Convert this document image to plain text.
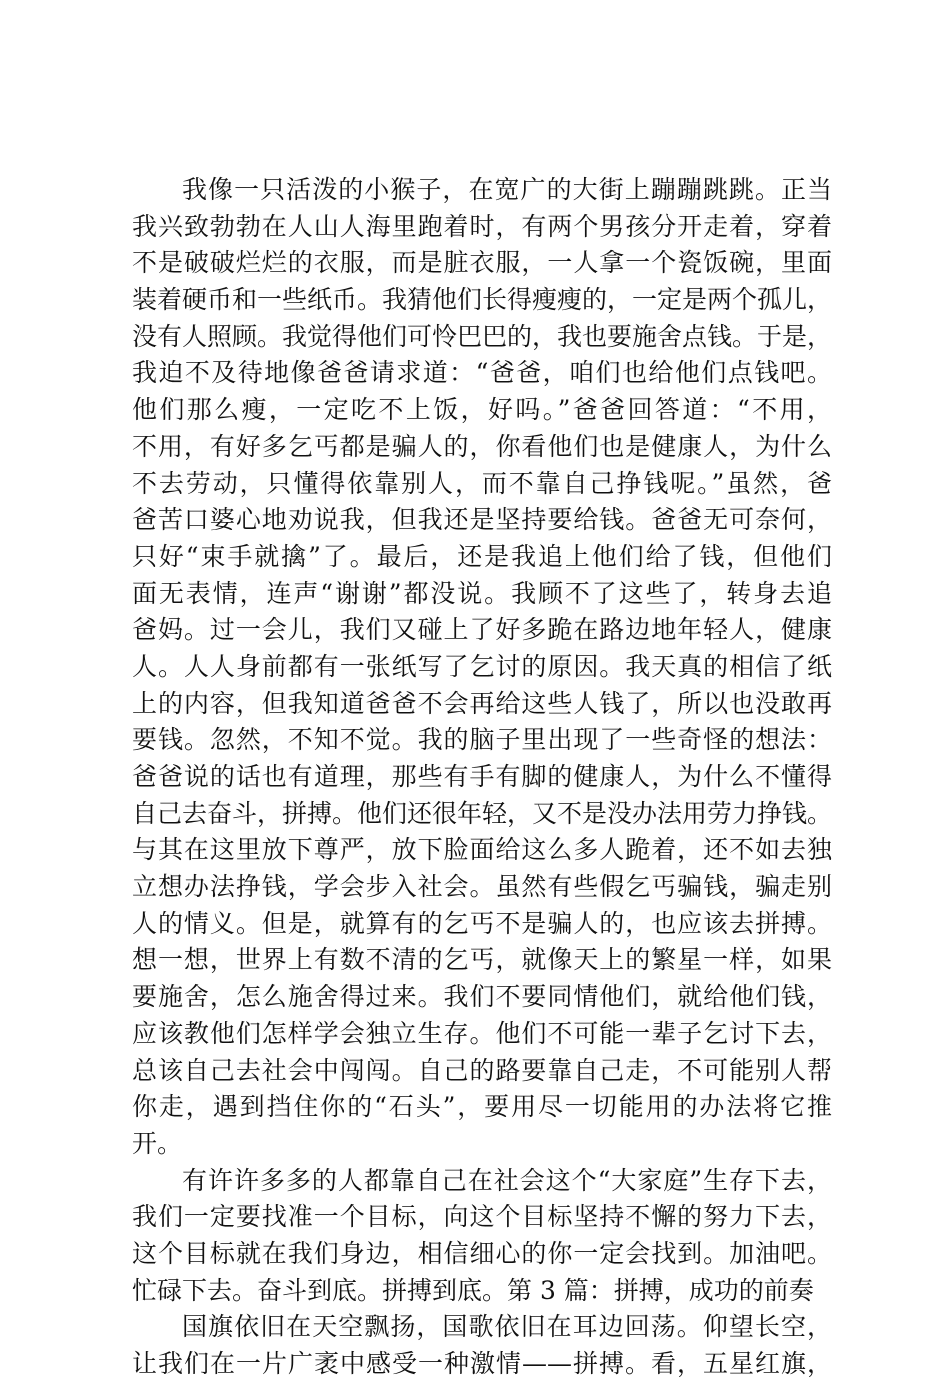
我像一只活泼的小猴子，在宽广的大街上蹦蹦跳跳。正当
我兴致勃勃在人山人海里跑着时，有两个男孩分开走着，穿着
不是破破烂烂的衣服，而是脏衣服，一人拿一个瓷饭碗，里面
装着硬币和一些纸币。我猜他们长得瘦瘦的，一定是两个孤儿，
没有人照顾。我觉得他们可怜巴巴的，我也要施舍点钱。于是，
我迫不及待地像爸爸请求道：“爸爸，咱们也给他们点钱吧。
他们那么瘦，一定吃不上饭，好吗。”爸爸回答道：“不用，
不用，有好多乞丐都是骗人的，你看他们也是健康人，为什么
不去劳动，只懂得依靠别人，而不靠自己挣钱呢。”虽然，爸
爸苦口婆心地劝说我，但我还是坚持要给钱。爸爸无可奈何，
只好“束手就擒”了。最后，还是我追上他们给了钱，但他们
面无表情，连声“谢谢”都没说。我顾不了这些了，转身去追
爸妈。过一会儿，我们又碰上了好多跪在路边地年轻人，健康
人。人人身前都有一张纸写了乞讨的原因。我天真的相信了纸
上的内容，但我知道爸爸不会再给这些人钱了，所以也没敢再
要钱。忽然，不知不觉。我的脑子里出现了一些奇怪的想法：
爸爸说的话也有道理，那些有手有脚的健康人，为什么不懂得
自己去奋斗，拼搏。他们还很年轻，又不是没办法用劳力挣钱。
与其在这里放下尊严，放下脸面给这么多人跪着，还不如去独
立想办法挣钱，学会步入社会。虽然有些假乞丐骗钱，骗走别
人的情义。但是，就算有的乞丐不是骗人的，也应该去拼搏。
想一想，世界上有数不清的乞丐，就像天上的繁星一样，如果
要施舍，怎么施舍得过来。我们不要同情他们，就给他们钱，
应该教他们怎样学会独立生存。他们不可能一辈子乞讨下去，
总该自己去社会中闯闯。自己的路要靠自己走，不可能别人帮
你走，遇到挡住你的“石头”，要用尽一切能用的办法将它推
开。
有许许多多的人都靠自己在社会这个“大家庭”生存下去，
我们一定要找准一个目标，向这个目标坚持不懈的努力下去，
这个目标就在我们身边，相信细心的你一定会找到。加油吧。
忙碌下去。奋斗到底。拼搏到底。第 3 篇：拼搏，成功的前奏
国旗依旧在天空飘扬，国歌依旧在耳边回荡。仰望长空，
让我们在一片广袤中感受一种激情——拼搏。看，五星红旗，
